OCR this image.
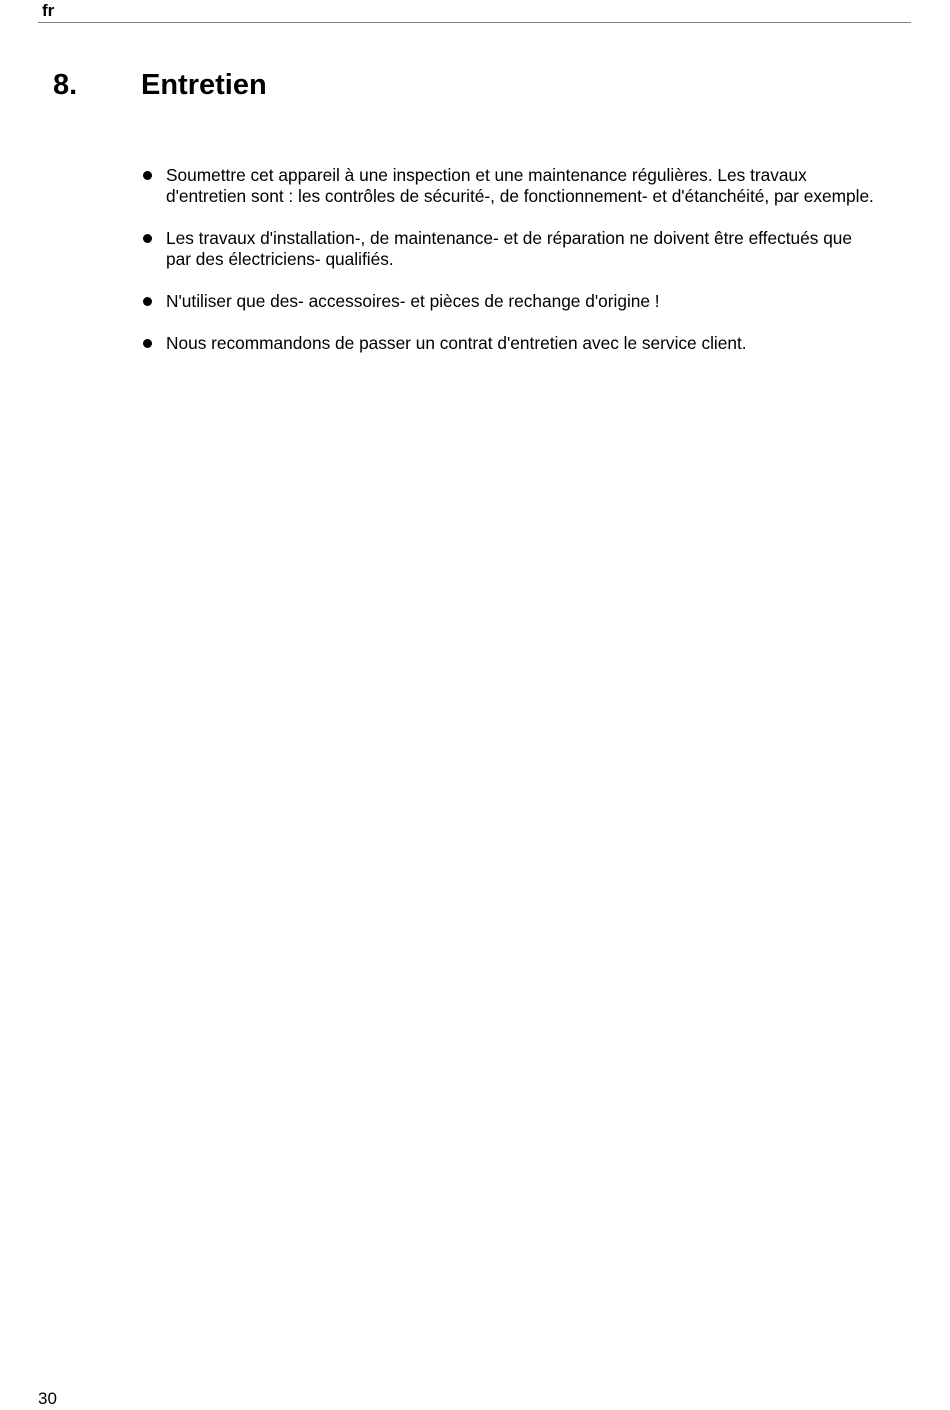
fr
8. Entretien
Soumettre cet appareil à une inspection et une maintenance régulières. Les travaux
d'entretien sont : les contrôles de sécurité-, de fonctionnement- et d'étanchéité, par exemple.
Les travaux d'installation-, de maintenance- et de réparation ne doivent être effectués que
par des électriciens- qualifiés.
N'utiliser que des- accessoires- et pièces de rechange d'origine !
Nous recommandons de passer un contrat d'entretien avec le service client.
30
